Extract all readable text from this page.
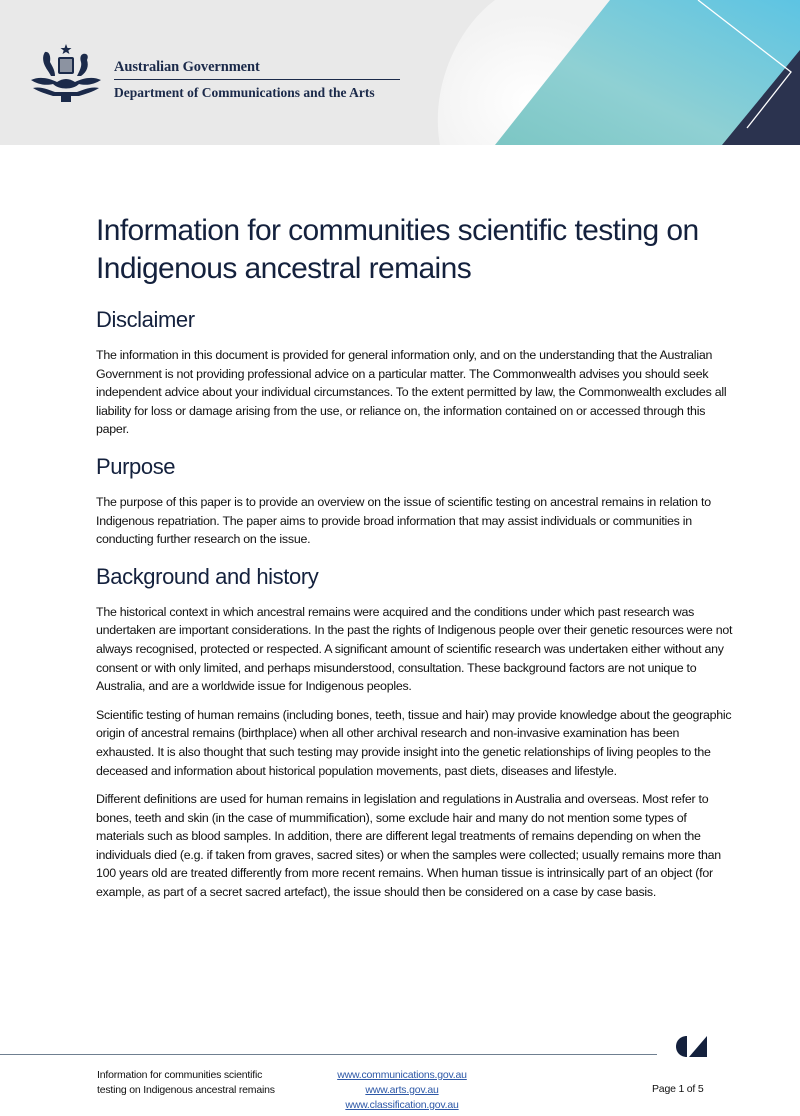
Australian Government
Department of Communications and the Arts
Information for communities scientific testing on Indigenous ancestral remains
Disclaimer

The information in this document is provided for general information only, and on the understanding that the Australian Government is not providing professional advice on a particular matter. The Commonwealth advises you should seek independent advice about your individual circumstances. To the extent permitted by law, the Commonwealth excludes all liability for loss or damage arising from the use, or reliance on, the information contained on or accessed through this paper.

Purpose

The purpose of this paper is to provide an overview on the issue of scientific testing on ancestral remains in relation to Indigenous repatriation. The paper aims to provide broad information that may assist individuals or communities in conducting further research on the issue.

Background and history

The historical context in which ancestral remains were acquired and the conditions under which past research was undertaken are important considerations. In the past the rights of Indigenous people over their genetic resources were not always recognised, protected or respected. A significant amount of scientific research was undertaken either without any consent or with only limited, and perhaps misunderstood, consultation. These background factors are not unique to Australia, and are a worldwide issue for Indigenous peoples.

Scientific testing of human remains (including bones, teeth, tissue and hair) may provide knowledge about the geographic origin of ancestral remains (birthplace) when all other archival research and non-invasive examination has been exhausted. It is also thought that such testing may provide insight into the genetic relationships of living peoples to the deceased and information about historical population movements, past diets, diseases and lifestyle.

Different definitions are used for human remains in legislation and regulations in Australia and overseas. Most refer to bones, teeth and skin (in the case of mummification), some exclude hair and many do not mention some types of materials such as blood samples. In addition, there are different legal treatments of remains depending on when the individuals died (e.g. if taken from graves, sacred sites) or when the samples were collected; usually remains more than 100 years old are treated differently from more recent remains. When human tissue is intrinsically part of an object (for example, as part of a secret sacred artefact), the issue should then be considered on a case by case basis.

Information for communities scientific
testing on Indigenous ancestral remains
www.communications.gov.au
www.arts.gov.au
www.classification.gov.au
Page 1 of 5
